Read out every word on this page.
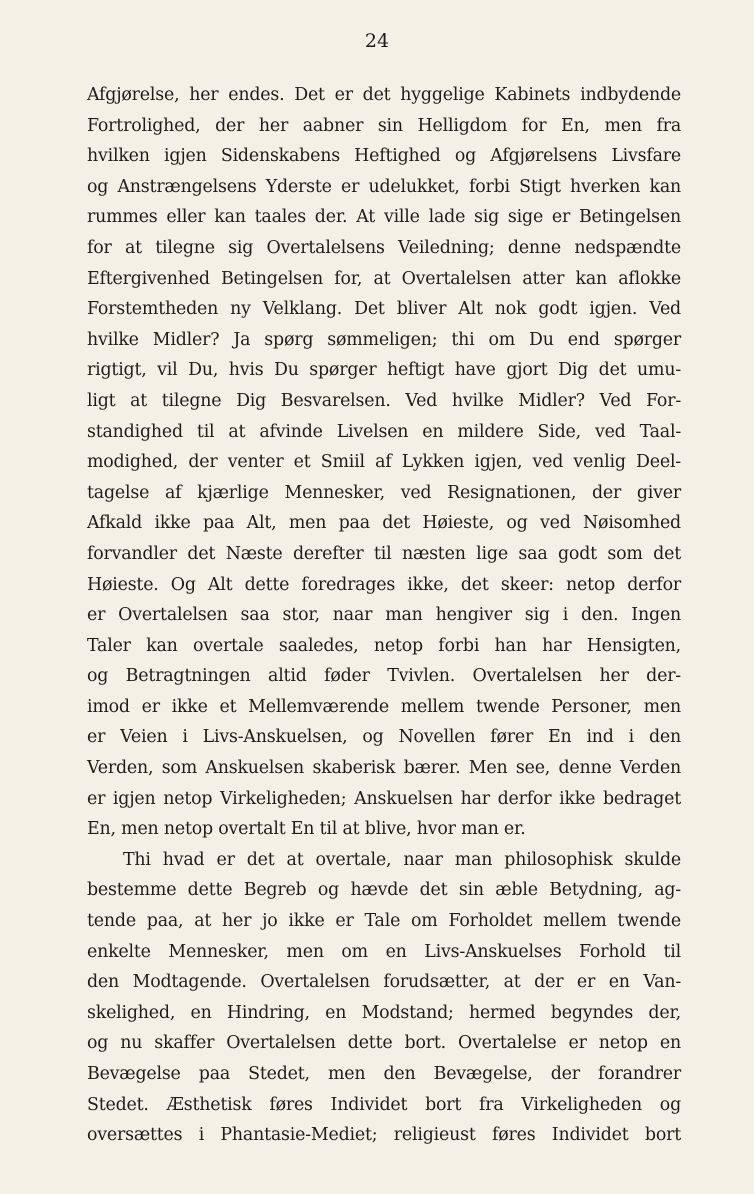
24
Afgjørelse, her endes. Det er det hyggelige Kabinets indbydende
Fortrolighed, der her aabner sin Helligdom for En, men fra
hvilken igjen Sidenskabens Heftighed og Afgjørelsens Livsfare
og Anstrængelsens Yderste er udelukket, forbi Stigt hverken kan
rummes eller kan taales der. At ville lade sig sige er Betingelsen
for at tilegne sig Overtalelsens Veiledning; denne nedspændte
Eftergivenhed Betingelsen for, at Overtalelsen atter kan aflokke
Forstemtheden ny Velklang. Det bliver Alt nok godt igjen. Ved
hvilke Midler? Ja spørg sømmeligen; thi om Du end spørger
rigtigt, vil Du, hvis Du spørger heftigt have gjort Dig det umu-
ligt at tilegne Dig Besvarelsen. Ved hvilke Midler? Ved For-
standighed til at afvinde Livelsen en mildere Side, ved Taal-
modighed, der venter et Smiil af Lykken igjen, ved venlig Deel-
tagelse af kjærlige Mennesker, ved Resignationen, der giver
Afkald ikke paa Alt, men paa det Høieste, og ved Nøisomhed
forvandler det Næste derefter til næsten lige saa godt som det
Høieste. Og Alt dette foredrages ikke, det skeer: netop derfor
er Overtalelsen saa stor, naar man hengiver sig i den. Ingen
Taler kan overtale saaledes, netop forbi han har Hensigten,
og Betragtningen altid føder Tvivlen. Overtalelsen her der-
imod er ikke et Mellemværende mellem twende Personer, men
er Veien i Livs-Anskuelsen, og Novellen fører En ind i den
Verden, som Anskuelsen skaberisk bærer. Men see, denne Verden
er igjen netop Virkeligheden; Anskuelsen har derfor ikke bedraget
En, men netop overtalt En til at blive, hvor man er.
Thi hvad er det at overtale, naar man philosophisk skulde
bestemme dette Begreb og hævde det sin æble Betydning, ag-
tende paa, at her jo ikke er Tale om Forholdet mellem twende
enkelte Mennesker, men om en Livs-Anskuelses Forhold til
den Modtagende. Overtalelsen forudsætter, at der er en Van-
skelighed, en Hindring, en Modstand; hermed begyndes der,
og nu skaffer Overtalelsen dette bort. Overtalelse er netop en
Bevægelse paa Stedet, men den Bevægelse, der forandrer
Stedet. Æsthetisk føres Individet bort fra Virkeligheden og
oversættes i Phantasie-Mediet; religieust føres Individet bort
